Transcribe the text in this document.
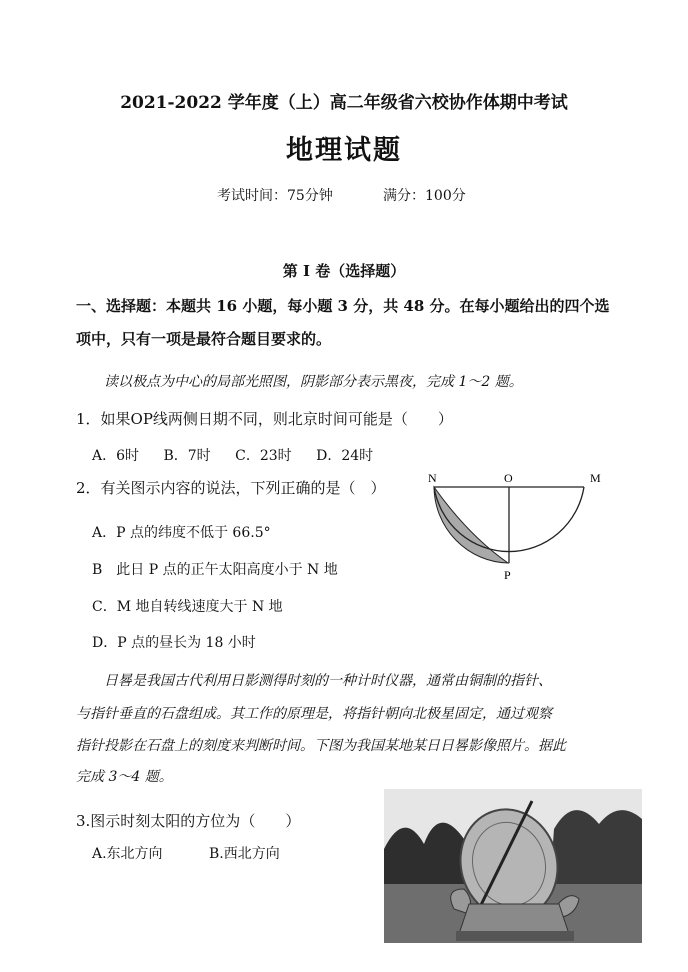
2021-2022 学年度（上）高二年级省六校协作体期中考试
地理试题
考试时间：75分钟	满分：100分
第 I 卷（选择题）
一、选择题：本题共 16 小题，每小题 3 分，共 48 分。在每小题给出的四个选项中，只有一项是最符合题目要求的。
读以极点为中心的局部光照图，阴影部分表示黑夜，完成 1～2 题。
1．如果OP线两侧日期不同，则北京时间可能是（　　）
A．6时 B．7时 C．23时 D．24时
2．有关图示内容的说法，下列正确的是（　）
A．P 点的纬度不低于 66.5°
B　此日 P 点的正午太阳高度小于 N 地
C．M 地自转线速度大于 N 地
D．P 点的昼长为 18 小时
N	O	M
P
日晷是我国古代利用日影测得时刻的一种计时仪器，通常由铜制的指针、
与指针垂直的石盘组成。其工作的原理是，将指针朝向北极星固定，通过观察
指针投影在石盘上的刻度来判断时间。下图为我国某地某日日晷影像照片。据此
完成 3～4 题。
3.图示时刻太阳的方位为（　　）
A.东北方向	B.西北方向
